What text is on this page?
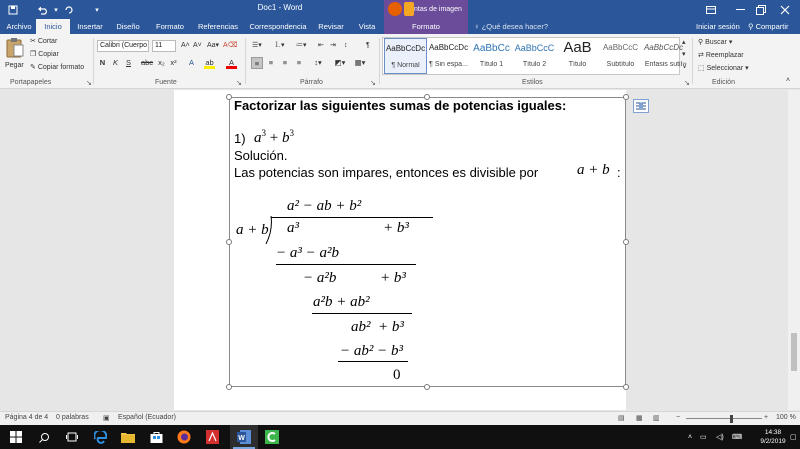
▾	▾	Doc1 - Word	ntas de imagen
Archivo	Inicio	Insertar	Diseño	Formato	Referencias	Correspondencia	Revisar	Vista	Formato	♀ ¿Qué desea hacer?	Iniciar sesión ⚲ Compartir
Pegar
✂ Cortar
❐ Copiar
✎ Copiar formato
Portapapeles	↘
Calibri (Cuerpo	11	A˄ A˅ Aa▾ A⌫
N	K	S	abc x₂ x²	A	ab	A
Fuente	↘
☰▾ ⒈▾ ≔▾ ⇤ ⇥ ↕	¶
≡	≡	≡	≡	↕▾	◩▾	▦▾
Párrafo	↘
AaBbCcDc
¶ Normal
AaBbCcDc
¶ Sin espa...
AaBbCc
Título 1
AaBbCcC
Título 2
AaB
Título
AaBbCcC
Subtítulo
AaBbCcDc
Énfasis sutil
▴
▾
⊽
Estilos	↘
⚲ Buscar ▾
⇄ Reemplazar
⬚ Seleccionar ▾
Edición	˄
Factorizar las siguientes sumas de potencias iguales:
1) $a^3 + b^3$
Solución.
Las potencias son impares, entonces es divisible por	a + b :
a² − ab + b²
a + b a³	+ b³
− a³ − a²b
− a²b	+ b³
a²b + ab²
ab² + b³
− ab² − b³
0
Página 4 de 4 0 palabras ▣ Español (Ecuador)	▤ ▦ ▥ −	+ 100 %
W	˄ ▭ ◁) ⌨
14:38
9/2/2019
▢
